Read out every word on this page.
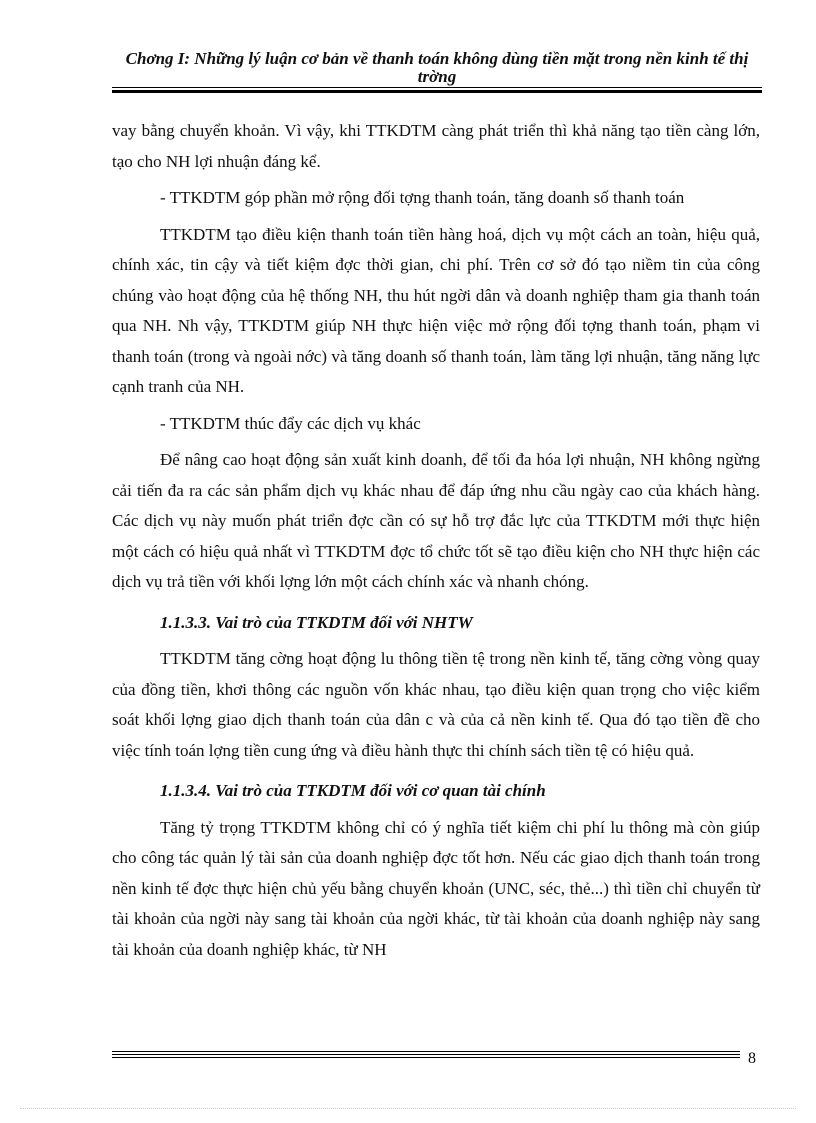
Chơng I: Những lý luận cơ bản về thanh toán không dùng tiền mặt trong nền kinh tế thị trờng

vay bằng chuyển khoản. Vì vậy, khi TTKDTM càng phát triển thì khả năng tạo tiền càng lớn, tạo cho NH lợi nhuận đáng kể.

- TTKDTM góp phần mở rộng đối tợng thanh toán, tăng doanh số thanh toán

TTKDTM tạo điều kiện thanh toán tiền hàng hoá, dịch vụ một cách an toàn, hiệu quả, chính xác, tin cậy và tiết kiệm đợc thời gian, chi phí. Trên cơ sở đó tạo niềm tin của công chúng vào hoạt động của hệ thống NH, thu hút ngời dân và doanh nghiệp tham gia thanh toán qua NH. Nh vậy, TTKDTM giúp NH thực hiện việc mở rộng đối tợng thanh toán, phạm vi thanh toán (trong và ngoài nớc) và tăng doanh số thanh toán, làm tăng lợi nhuận, tăng năng lực cạnh tranh của NH.

- TTKDTM thúc đẩy các dịch vụ khác

Để nâng cao hoạt động sản xuất kinh doanh, để tối đa hóa lợi nhuận, NH không ngừng cải tiến đa ra các sản phẩm dịch vụ khác nhau để đáp ứng nhu cầu ngày cao của khách hàng. Các dịch vụ này muốn phát triển đợc cần có sự hỗ trợ đắc lực của TTKDTM mới thực hiện một cách có hiệu quả nhất vì TTKDTM đợc tổ chức tốt sẽ tạo điều kiện cho NH thực hiện các dịch vụ trả tiền với khối lợng lớn một cách chính xác và nhanh chóng.

1.1.3.3. Vai trò của TTKDTM đối với NHTW

TTKDTM tăng cờng hoạt động lu thông tiền tệ trong nền kinh tế, tăng cờng vòng quay của đồng tiền, khơi thông các nguồn vốn khác nhau, tạo điều kiện quan trọng cho việc kiểm soát khối lợng giao dịch thanh toán của dân c và của cả nền kinh tế. Qua đó tạo tiền đề cho việc tính toán lợng tiền cung ứng và điều hành thực thi chính sách tiền tệ có hiệu quả.

1.1.3.4. Vai trò của TTKDTM đối với cơ quan tài chính

Tăng tỷ trọng TTKDTM không chỉ có ý nghĩa tiết kiệm chi phí lu thông mà còn giúp cho công tác quản lý tài sản của doanh nghiệp đợc tốt hơn. Nếu các giao dịch thanh toán trong nền kinh tế đợc thực hiện chủ yếu bằng chuyển khoản (UNC, séc, thẻ...) thì tiền chỉ chuyển từ tài khoản của ngời này sang tài khoản của ngời khác, từ tài khoản của doanh nghiệp này sang tài khoản của doanh nghiệp khác, từ NH

8
